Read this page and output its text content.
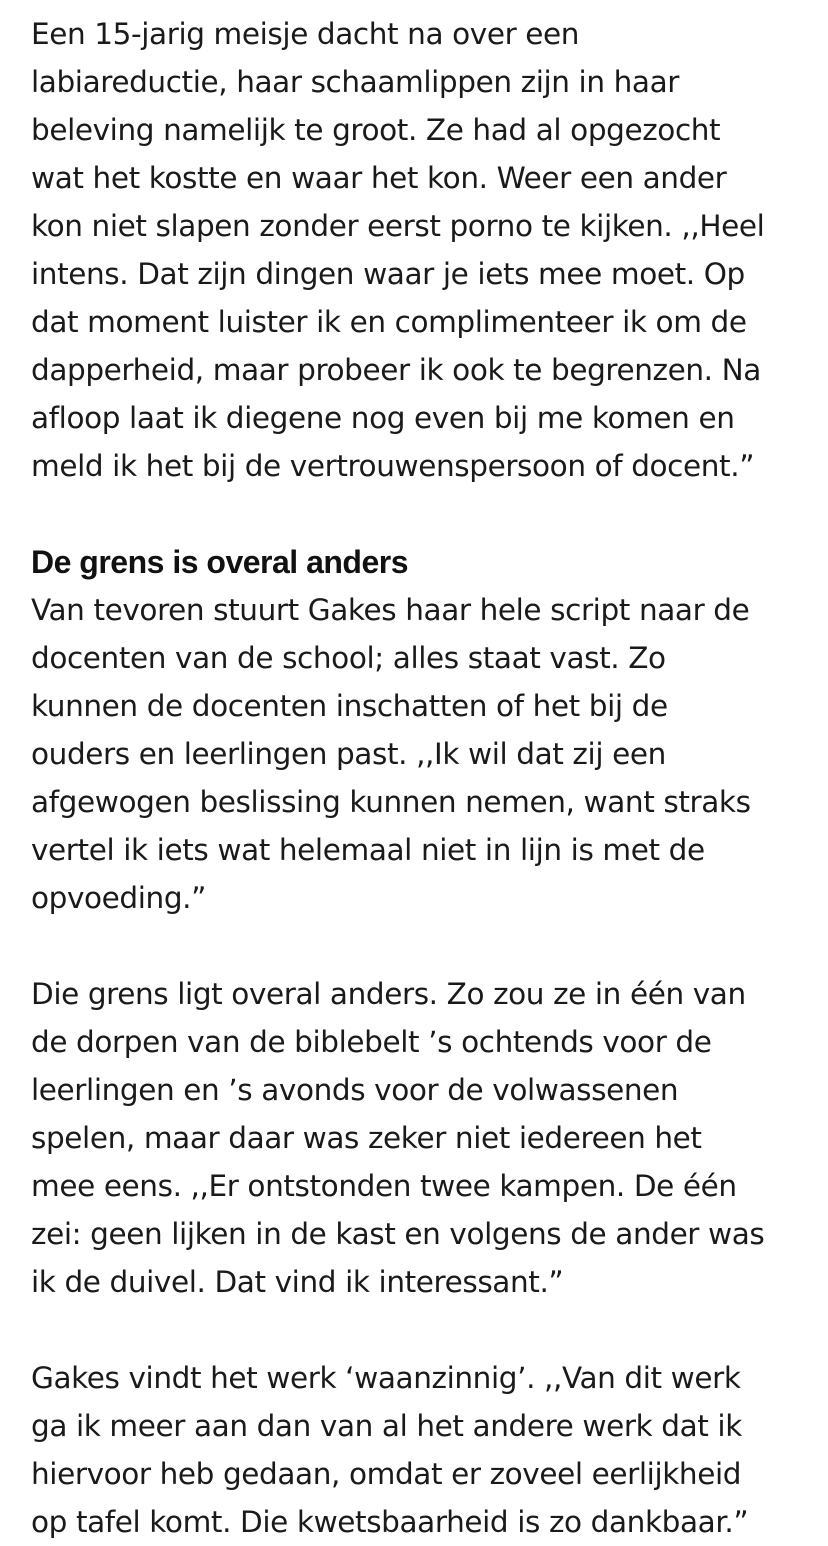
Een 15-jarig meisje dacht na over een
labiareductie, haar schaamlippen zijn in haar
beleving namelijk te groot. Ze had al opgezocht
wat het kostte en waar het kon. Weer een ander
kon niet slapen zonder eerst porno te kijken. ,,Heel
intens. Dat zijn dingen waar je iets mee moet. Op
dat moment luister ik en complimenteer ik om de
dapperheid, maar probeer ik ook te begrenzen. Na
afloop laat ik diegene nog even bij me komen en
meld ik het bij de vertrouwenspersoon of docent.”

De grens is overal anders

Van tevoren stuurt Gakes haar hele script naar de
docenten van de school; alles staat vast. Zo
kunnen de docenten inschatten of het bij de
ouders en leerlingen past. ,,Ik wil dat zij een
afgewogen beslissing kunnen nemen, want straks
vertel ik iets wat helemaal niet in lijn is met de
opvoeding.”

Die grens ligt overal anders. Zo zou ze in één van
de dorpen van de biblebelt ’s ochtends voor de
leerlingen en ’s avonds voor de volwassenen
spelen, maar daar was zeker niet iedereen het
mee eens. ,,Er ontstonden twee kampen. De één
zei: geen lijken in de kast en volgens de ander was
ik de duivel. Dat vind ik interessant.”

Gakes vindt het werk ‘waanzinnig’. ,,Van dit werk
ga ik meer aan dan van al het andere werk dat ik
hiervoor heb gedaan, omdat er zoveel eerlijkheid
op tafel komt. Die kwetsbaarheid is zo dankbaar.”
